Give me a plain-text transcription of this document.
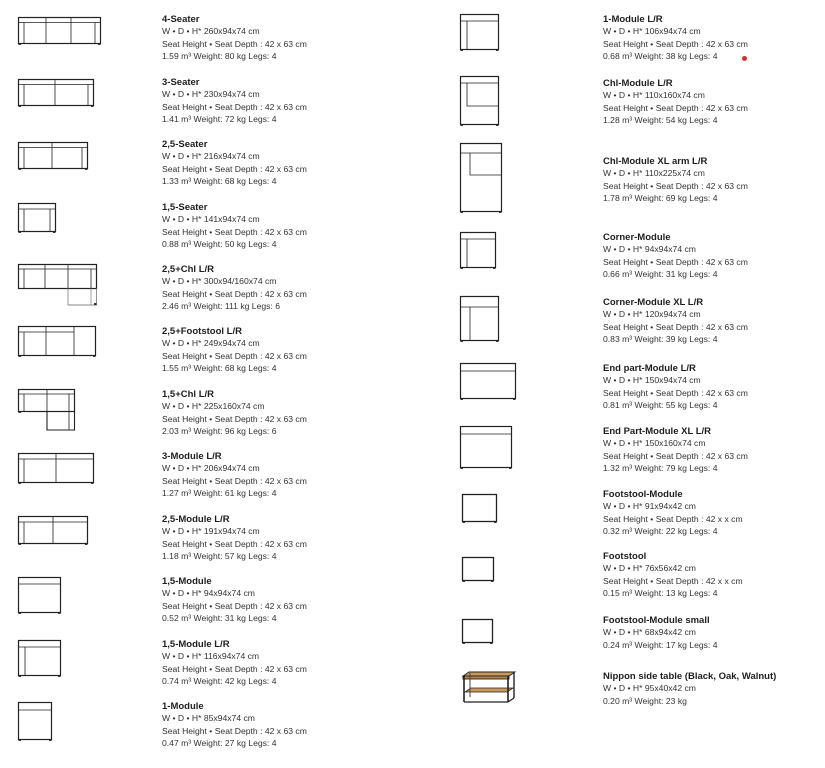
4-Seater
W • D • H* 260x94x74 cm
Seat Height • Seat Depth : 42 x 63 cm
1.59 m³ Weight: 80 kg Legs: 4
3-Seater
W • D • H* 230x94x74 cm
Seat Height • Seat Depth : 42 x 63 cm
1.41 m³ Weight: 72 kg Legs: 4
2,5-Seater
W • D • H* 216x94x74 cm
Seat Height • Seat Depth : 42 x 63 cm
1.33 m³ Weight: 68 kg Legs: 4
1,5-Seater
W • D • H* 141x94x74 cm
Seat Height • Seat Depth : 42 x 63 cm
0.88 m³ Weight: 50 kg Legs: 4
2,5+Chl L/R
W • D • H* 300x94/160x74 cm
Seat Height • Seat Depth : 42 x 63 cm
2.46 m³ Weight: 111 kg Legs: 6
2,5+Footstool L/R
W • D • H* 249x94x74 cm
Seat Height • Seat Depth : 42 x 63 cm
1.55 m³ Weight: 68 kg Legs: 4
1,5+Chl L/R
W • D • H* 225x160x74 cm
Seat Height • Seat Depth : 42 x 63 cm
2.03 m³ Weight: 96 kg Legs: 6
3-Module L/R
W • D • H* 206x94x74 cm
Seat Height • Seat Depth : 42 x 63 cm
1.27 m³ Weight: 61 kg Legs: 4
2,5-Module L/R
W • D • H* 191x94x74 cm
Seat Height • Seat Depth : 42 x 63 cm
1.18 m³ Weight: 57 kg Legs: 4
1,5-Module
W • D • H* 94x94x74 cm
Seat Height • Seat Depth : 42 x 63 cm
0.52 m³ Weight: 31 kg Legs: 4
1,5-Module L/R
W • D • H* 116x94x74 cm
Seat Height • Seat Depth : 42 x 63 cm
0.74 m³ Weight: 42 kg Legs: 4
1-Module
W • D • H* 85x94x74 cm
Seat Height • Seat Depth : 42 x 63 cm
0.47 m³ Weight: 27 kg Legs: 4
1-Module L/R
W • D • H* 106x94x74 cm
Seat Height • Seat Depth : 42 x 63 cm
0.68 m³ Weight: 38 kg Legs: 4
Chl-Module L/R
W • D • H* 110x160x74 cm
Seat Height • Seat Depth : 42 x 63 cm
1.28 m³ Weight: 54 kg Legs: 4
Chl-Module XL arm L/R
W • D • H* 110x225x74 cm
Seat Height • Seat Depth : 42 x 63 cm
1.78 m³ Weight: 69 kg Legs: 4
Corner-Module
W • D • H* 94x94x74 cm
Seat Height • Seat Depth : 42 x 63 cm
0.66 m³ Weight: 31 kg Legs: 4
Corner-Module XL L/R
W • D • H* 120x94x74 cm
Seat Height • Seat Depth : 42 x 63 cm
0.83 m³ Weight: 39 kg Legs: 4
End part-Module L/R
W • D • H* 150x94x74 cm
Seat Height • Seat Depth : 42 x 63 cm
0.81 m³ Weight: 55 kg Legs: 4
End Part-Module XL L/R
W • D • H* 150x160x74 cm
Seat Height • Seat Depth : 42 x 63 cm
1.32 m³ Weight: 79 kg Legs: 4
Footstool-Module
W • D • H* 91x94x42 cm
Seat Height • Seat Depth : 42 x x cm
0.32 m³ Weight: 22 kg Legs: 4
Footstool
W • D • H* 76x56x42 cm
Seat Height • Seat Depth : 42 x x cm
0.15 m³ Weight: 13 kg Legs: 4
Footstool-Module small
W • D • H* 68x94x42 cm
0.24 m³ Weight: 17 kg Legs: 4
Nippon side table (Black, Oak, Walnut)
W • D • H* 95x40x42 cm
0.20 m³ Weight: 23 kg
